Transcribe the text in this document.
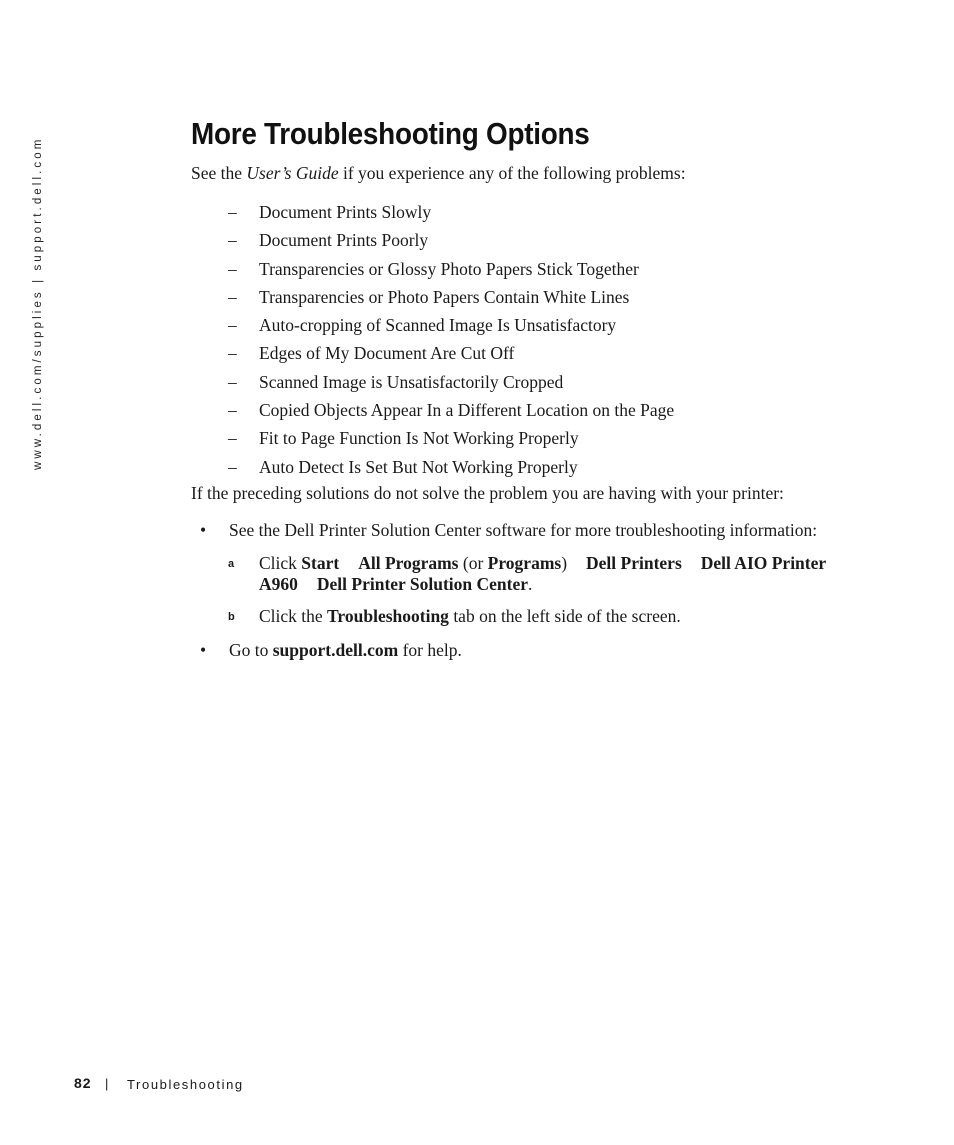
www.dell.com/supplies | support.dell.com
More Troubleshooting Options

See the User’s Guide if you experience any of the following problems:

– Document Prints Slowly
– Document Prints Poorly
– Transparencies or Glossy Photo Papers Stick Together
– Transparencies or Photo Papers Contain White Lines
– Auto-cropping of Scanned Image Is Unsatisfactory
– Edges of My Document Are Cut Off
– Scanned Image is Unsatisfactorily Cropped
– Copied Objects Appear In a Different Location on the Page
– Fit to Page Function Is Not Working Properly
– Auto Detect Is Set But Not Working Properly

If the preceding solutions do not solve the problem you are having with your printer:

• See the Dell Printer Solution Center software for more troubleshooting information:
a Click Start All Programs (or Programs) Dell Printers Dell AIO Printer A960 Dell Printer Solution Center.
b Click the Troubleshooting tab on the left side of the screen.
• Go to support.dell.com for help.
82 | Troubleshooting
